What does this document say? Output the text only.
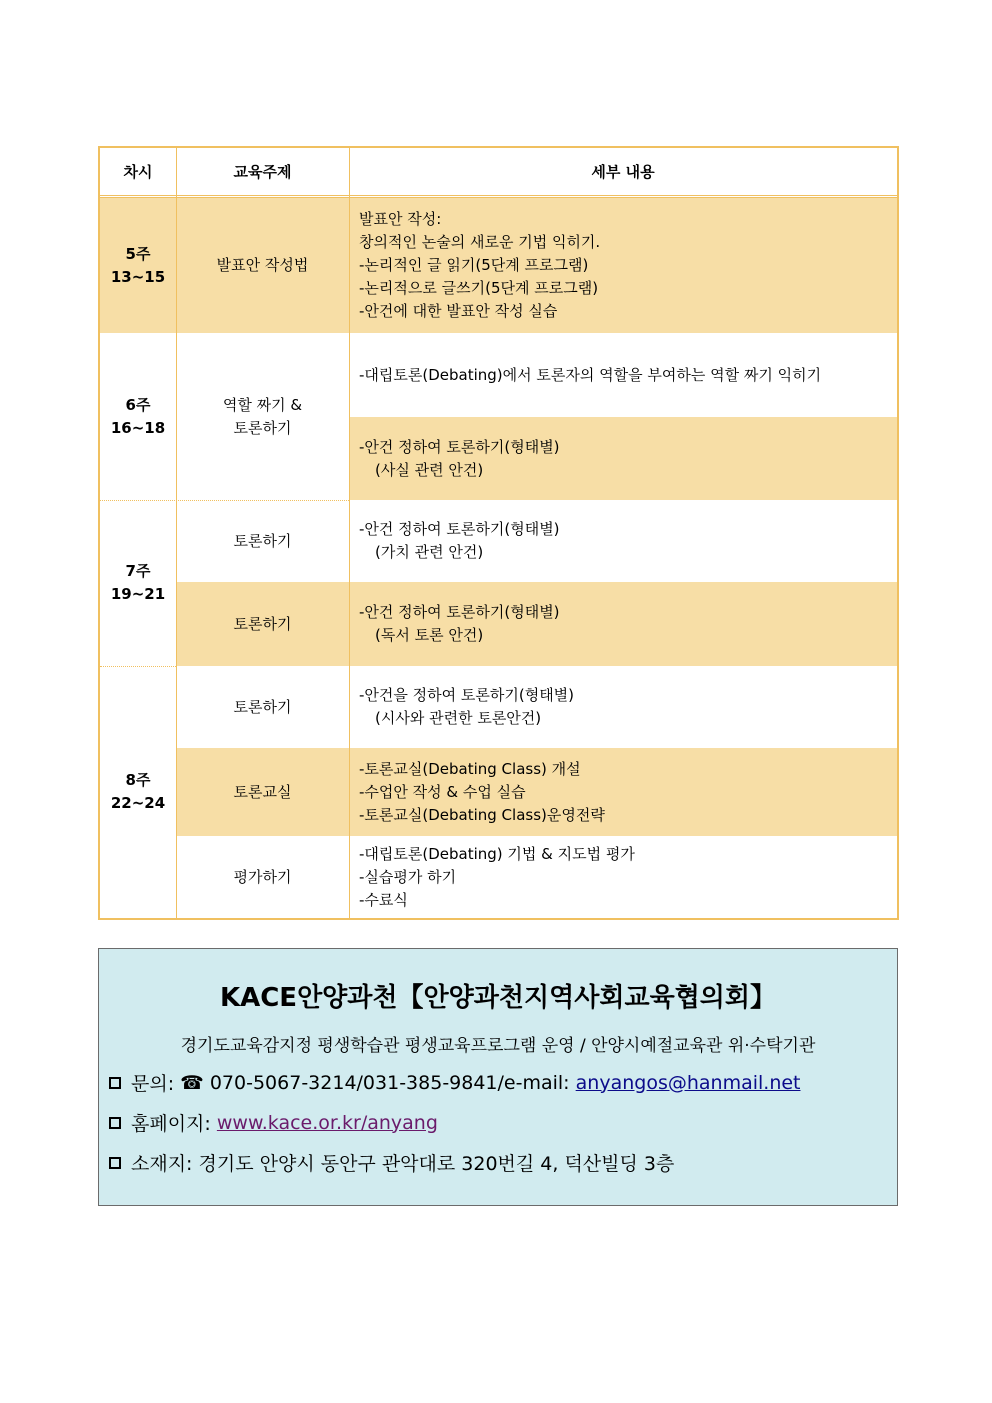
차시	교육주제	세부 내용
5주
13~15
발표안 작성법
발표안 작성:
창의적인 논술의 새로운 기법 익히기.
-논리적인 글 읽기(5단계 프로그램)
-논리적으로 글쓰기(5단계 프로그램)
-안건에 대한 발표안 작성 실습
6주
16~18
역할 짜기 &
토론하기
-대립토론(Debating)에서 토론자의 역할을 부여하는 역할 짜기 익히기
-안건 정하여 토론하기(형태별)
(사실 관련 안건)
7주
19~21
토론하기
-안건 정하여 토론하기(형태별)
(가치 관련 안건)
토론하기
-안건 정하여 토론하기(형태별)
(독서 토론 안건)
8주
22~24
토론하기
-안건을 정하여 토론하기(형태별)
(시사와 관련한 토론안건)
토론교실
-토론교실(Debating Class) 개설
-수업안 작성 & 수업 실습
-토론교실(Debating Class)운영전략
평가하기
-대립토론(Debating) 기법 & 지도법 평가
-실습평가 하기
-수료식
KACE안양과천【안양과천지역사회교육협의회】
경기도교육감지정 평생학습관 평생교육프로그램 운영 / 안양시예절교육관 위·수탁기관
문의:
☎ 070-5067-3214/031-385-9841/e-mail:
anyangos@hanmail.net
홈페이지:
www.kace.or.kr/anyang
소재지:
경기도 안양시 동안구 관악대로 320번길 4, 덕산빌딩 3층
